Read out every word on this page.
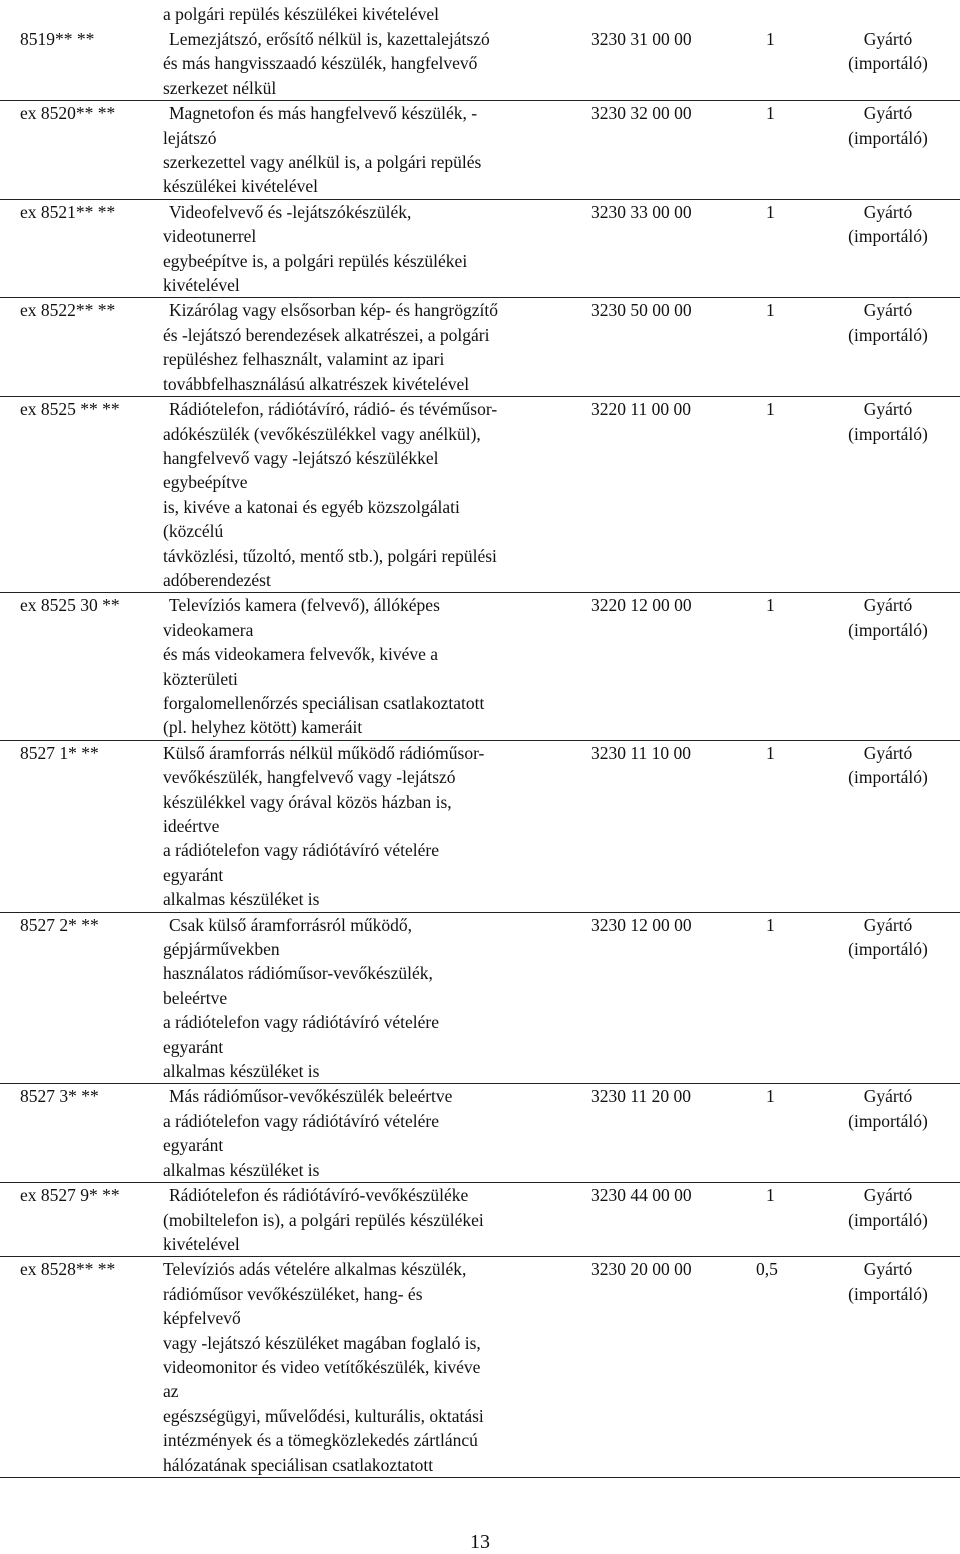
a polgári repülés készülékei kivételével
8519** **	Lemezjátszó, erősítő nélkül is, kazettalejátszó
és más hangvisszaadó készülék, hangfelvevő
szerkezet nélkül
3230 31 00 00	1	Gyártó
(importáló)
ex 8520** **	Magnetofon és más hangfelvevő készülék, -
lejátszó
szerkezettel vagy anélkül is, a polgári repülés
készülékei kivételével
3230 32 00 00	1	Gyártó
(importáló)
ex 8521** **	Videofelvevő és -lejátszókészülék,
videotunerrel
egybeépítve is, a polgári repülés készülékei
kivételével
3230 33 00 00	1	Gyártó
(importáló)
ex 8522** **	Kizárólag vagy elsősorban kép- és hangrögzítő
és -lejátszó berendezések alkatrészei, a polgári
repüléshez felhasznált, valamint az ipari
továbbfelhasználású alkatrészek kivételével
3230 50 00 00	1	Gyártó
(importáló)
ex 8525 ** **	Rádiótelefon, rádiótávíró, rádió- és tévéműsor-
adókészülék (vevőkészülékkel vagy anélkül),
hangfelvevő vagy -lejátszó készülékkel
egybeépítve
is, kivéve a katonai és egyéb közszolgálati
(közcélú
távközlési, tűzoltó, mentő stb.), polgári repülési
adóberendezést
3220 11 00 00	1	Gyártó
(importáló)
ex 8525 30 **	Televíziós kamera (felvevő), állóképes
videokamera
és más videokamera felvevők, kivéve a
közterületi
forgalomellenőrzés speciálisan csatlakoztatott
(pl. helyhez kötött) kameráit
3220 12 00 00	1	Gyártó
(importáló)
8527 1* **	Külső áramforrás nélkül működő rádióműsor-
vevőkészülék, hangfelvevő vagy -lejátszó
készülékkel vagy órával közös házban is,
ideértve
a rádiótelefon vagy rádiótávíró vételére
egyaránt
alkalmas készüléket is
3230 11 10 00	1	Gyártó
(importáló)
8527 2* **	Csak külső áramforrásról működő,
gépjárművekben
használatos rádióműsor-vevőkészülék,
beleértve
a rádiótelefon vagy rádiótávíró vételére
egyaránt
alkalmas készüléket is
3230 12 00 00	1	Gyártó
(importáló)
8527 3* **	Más rádióműsor-vevőkészülék beleértve
a rádiótelefon vagy rádiótávíró vételére
egyaránt
alkalmas készüléket is
3230 11 20 00	1	Gyártó
(importáló)
ex 8527 9* **	Rádiótelefon és rádiótávíró-vevőkészüléke
(mobiltelefon is), a polgári repülés készülékei
kivételével
3230 44 00 00	1	Gyártó
(importáló)
ex 8528** **	Televíziós adás vételére alkalmas készülék,
rádióműsor vevőkészüléket, hang- és
képfelvevő
vagy -lejátszó készüléket magában foglaló is,
videomonitor és video vetítőkészülék, kivéve
az
egészségügyi, művelődési, kulturális, oktatási
intézmények és a tömegközlekedés zártláncú
hálózatának speciálisan csatlakoztatott
3230 20 00 00	0,5	Gyártó
(importáló)
13
